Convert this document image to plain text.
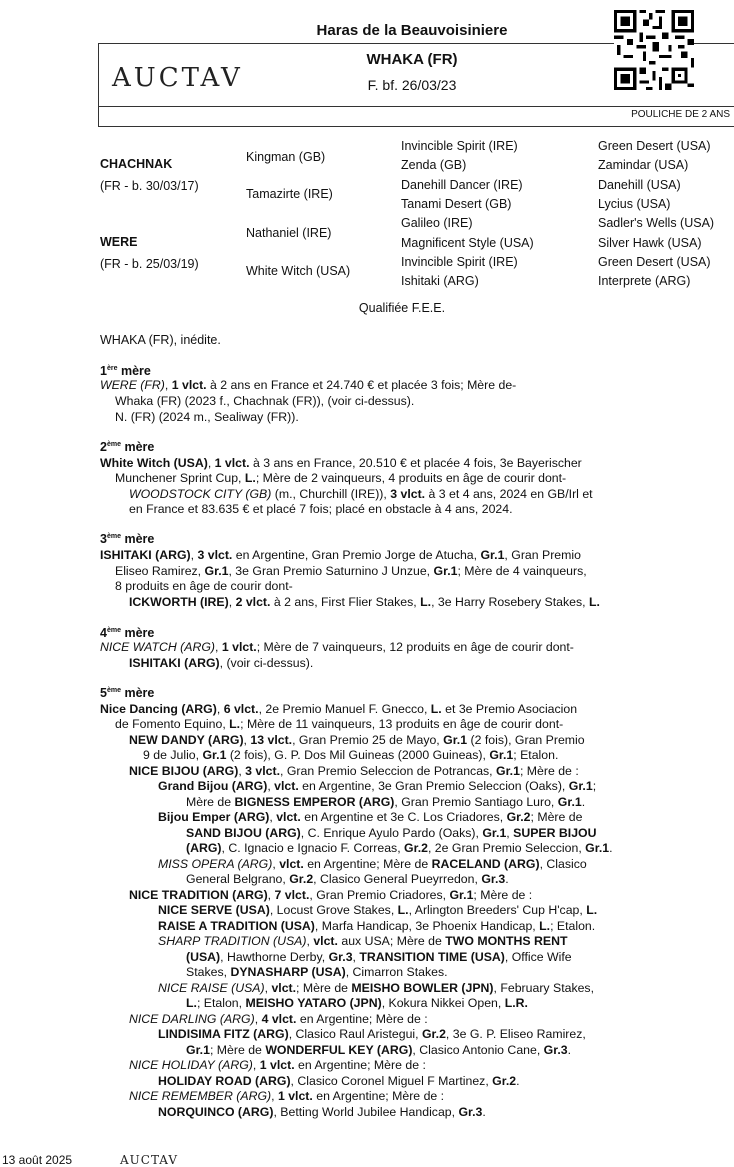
Haras de la Beauvoisiniere
WHAKA (FR)
F. bf. 26/03/23
AUCTAV
POULICHE DE 2 ANS
CHACHNAK
(FR - b. 30/03/17)
WERE
(FR - b. 25/03/19)
Kingman (GB)
Tamazirte (IRE)
Nathaniel (IRE)
White Witch (USA)
Invincible Spirit (IRE)
Zenda (GB)
Danehill Dancer (IRE)
Tanami Desert (GB)
Galileo (IRE)
Magnificent Style (USA)
Invincible Spirit (IRE)
Ishitaki (ARG)
Green Desert (USA)
Zamindar (USA)
Danehill (USA)
Lycius (USA)
Sadler's Wells (USA)
Silver Hawk (USA)
Green Desert (USA)
Interprete (ARG)
Qualifiée F.E.E.
WHAKA (FR), inédite.
1ère mère
WERE (FR), 1 vlct. à 2 ans en France et 24.740 € et placée 3 fois; Mère de-
Whaka (FR) (2023 f., Chachnak (FR)), (voir ci-dessus).
N. (FR) (2024 m., Sealiway (FR)).
2ème mère
White Witch (USA), 1 vlct. à 3 ans en France, 20.510 € et placée 4 fois, 3e Bayerischer
Munchener Sprint Cup, L.; Mère de 2 vainqueurs, 4 produits en âge de courir dont-
WOODSTOCK CITY (GB) (m., Churchill (IRE)), 3 vlct. à 3 et 4 ans, 2024 en GB/Irl et
en France et 83.635 € et placé 7 fois; placé en obstacle à 4 ans, 2024.
3ème mère
ISHITAKI (ARG), 3 vlct. en Argentine, Gran Premio Jorge de Atucha, Gr.1, Gran Premio
Eliseo Ramirez, Gr.1, 3e Gran Premio Saturnino J Unzue, Gr.1; Mère de 4 vainqueurs,
8 produits en âge de courir dont-
ICKWORTH (IRE), 2 vlct. à 2 ans, First Flier Stakes, L., 3e Harry Rosebery Stakes, L.
4ème mère
NICE WATCH (ARG), 1 vlct.; Mère de 7 vainqueurs, 12 produits en âge de courir dont-
ISHITAKI (ARG), (voir ci-dessus).
5ème mère
Nice Dancing (ARG), 6 vlct., 2e Premio Manuel F. Gnecco, L. et 3e Premio Asociacion
de Fomento Equino, L.; Mère de 11 vainqueurs, 13 produits en âge de courir dont-
NEW DANDY (ARG), 13 vlct., Gran Premio 25 de Mayo, Gr.1 (2 fois), Gran Premio
9 de Julio, Gr.1 (2 fois), G. P. Dos Mil Guineas (2000 Guineas), Gr.1; Etalon.
NICE BIJOU (ARG), 3 vlct., Gran Premio Seleccion de Potrancas, Gr.1; Mère de :
Grand Bijou (ARG), vlct. en Argentine, 3e Gran Premio Seleccion (Oaks), Gr.1;
Mère de BIGNESS EMPEROR (ARG), Gran Premio Santiago Luro, Gr.1.
Bijou Emper (ARG), vlct. en Argentine et 3e C. Los Criadores, Gr.2; Mère de
SAND BIJOU (ARG), C. Enrique Ayulo Pardo (Oaks), Gr.1, SUPER BIJOU
(ARG), C. Ignacio e Ignacio F. Correas, Gr.2, 2e Gran Premio Seleccion, Gr.1.
MISS OPERA (ARG), vlct. en Argentine; Mère de RACELAND (ARG), Clasico
General Belgrano, Gr.2, Clasico General Pueyrredon, Gr.3.
NICE TRADITION (ARG), 7 vlct., Gran Premio Criadores, Gr.1; Mère de :
NICE SERVE (USA), Locust Grove Stakes, L., Arlington Breeders' Cup H'cap, L.
RAISE A TRADITION (USA), Marfa Handicap, 3e Phoenix Handicap, L.; Etalon.
SHARP TRADITION (USA), vlct. aux USA; Mère de TWO MONTHS RENT
(USA), Hawthorne Derby, Gr.3, TRANSITION TIME (USA), Office Wife
Stakes, DYNASHARP (USA), Cimarron Stakes.
NICE RAISE (USA), vlct.; Mère de MEISHO BOWLER (JPN), February Stakes,
L.; Etalon, MEISHO YATARO (JPN), Kokura Nikkei Open, L.R.
NICE DARLING (ARG), 4 vlct. en Argentine; Mère de :
LINDISIMA FITZ (ARG), Clasico Raul Aristegui, Gr.2, 3e G. P. Eliseo Ramirez,
Gr.1; Mère de WONDERFUL KEY (ARG), Clasico Antonio Cane, Gr.3.
NICE HOLIDAY (ARG), 1 vlct. en Argentine; Mère de :
HOLIDAY ROAD (ARG), Clasico Coronel Miguel F Martinez, Gr.2.
NICE REMEMBER (ARG), 1 vlct. en Argentine; Mère de :
NORQUINCO (ARG), Betting World Jubilee Handicap, Gr.3.
13 août 2025	AUCTAV
